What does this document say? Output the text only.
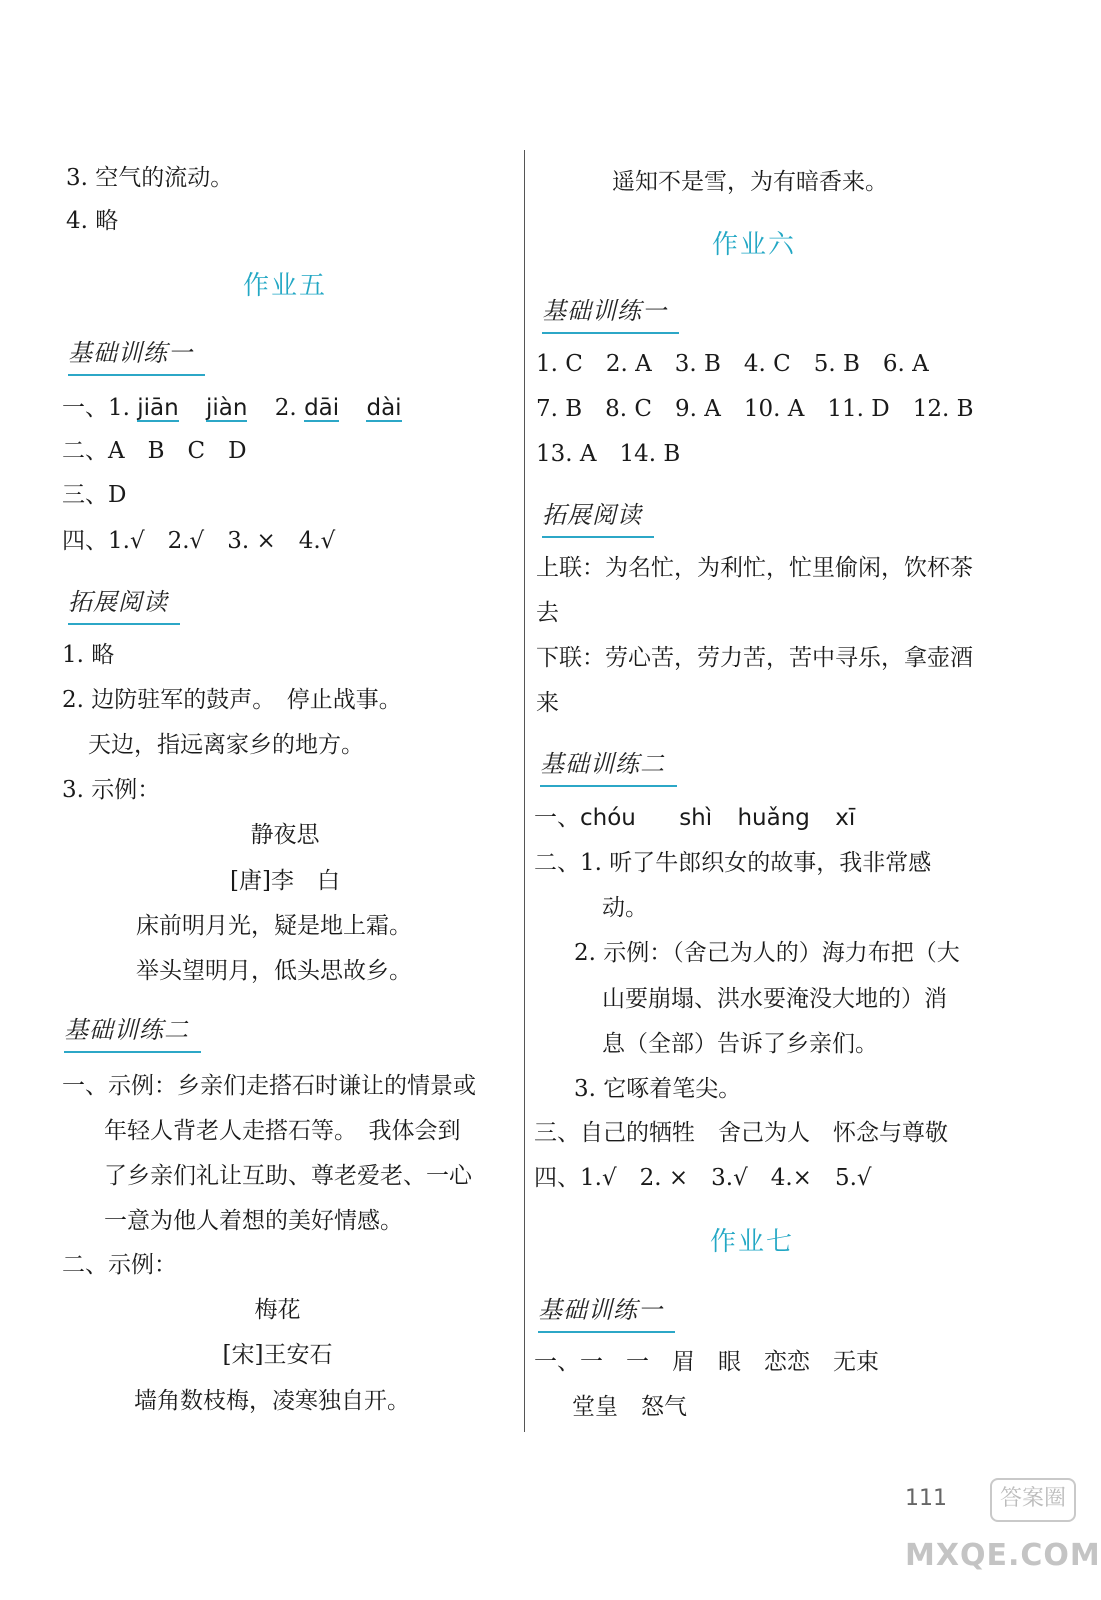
3. 空气的流动。
4. 略
作业五
基础训练一
一、1. jiān jiàn 2. dāi dài
二、A　B　C　D
三、D
四、1.√　2.√　3. ×　4.√
拓展阅读
1. 略
2. 边防驻军的鼓声。　停止战事。
天边，指远离家乡的地方。
3. 示例：
静夜思
[唐]李　白
床前明月光，疑是地上霜。
举头望明月，低头思故乡。
基础训练二
一、示例：乡亲们走搭石时谦让的情景或
年轻人背老人走搭石等。　我体会到
了乡亲们礼让互助、尊老爱老、一心
一意为他人着想的美好情感。
二、示例：
梅花
[宋]王安石
墙角数枝梅，凌寒独自开。
遥知不是雪，为有暗香来。
作业六
基础训练一
1. C　2. A　3. B　4. C　5. B　6. A
7. B　8. C　9. A　10. A　11. D　12. B
13. A　14. B
拓展阅读
上联：为名忙，为利忙，忙里偷闲，饮杯茶
去
下联：劳心苦，劳力苦，苦中寻乐，拿壶酒
来
基础训练二
一、chóu shì huǎng xī
二、1. 听了牛郎织女的故事，我非常感
动。
2. 示例：（舍己为人的）海力布把（大
山要崩塌、洪水要淹没大地的）消
息（全部）告诉了乡亲们。
3. 它啄着笔尖。
三、自己的牺牲　舍己为人　怀念与尊敬
四、1.√　2. ×　3.√　4.×　5.√
作业七
基础训练一
一、一　一　眉　眼　恋恋　无束
堂皇　怒气
111	答案圈
MXQE.COM
